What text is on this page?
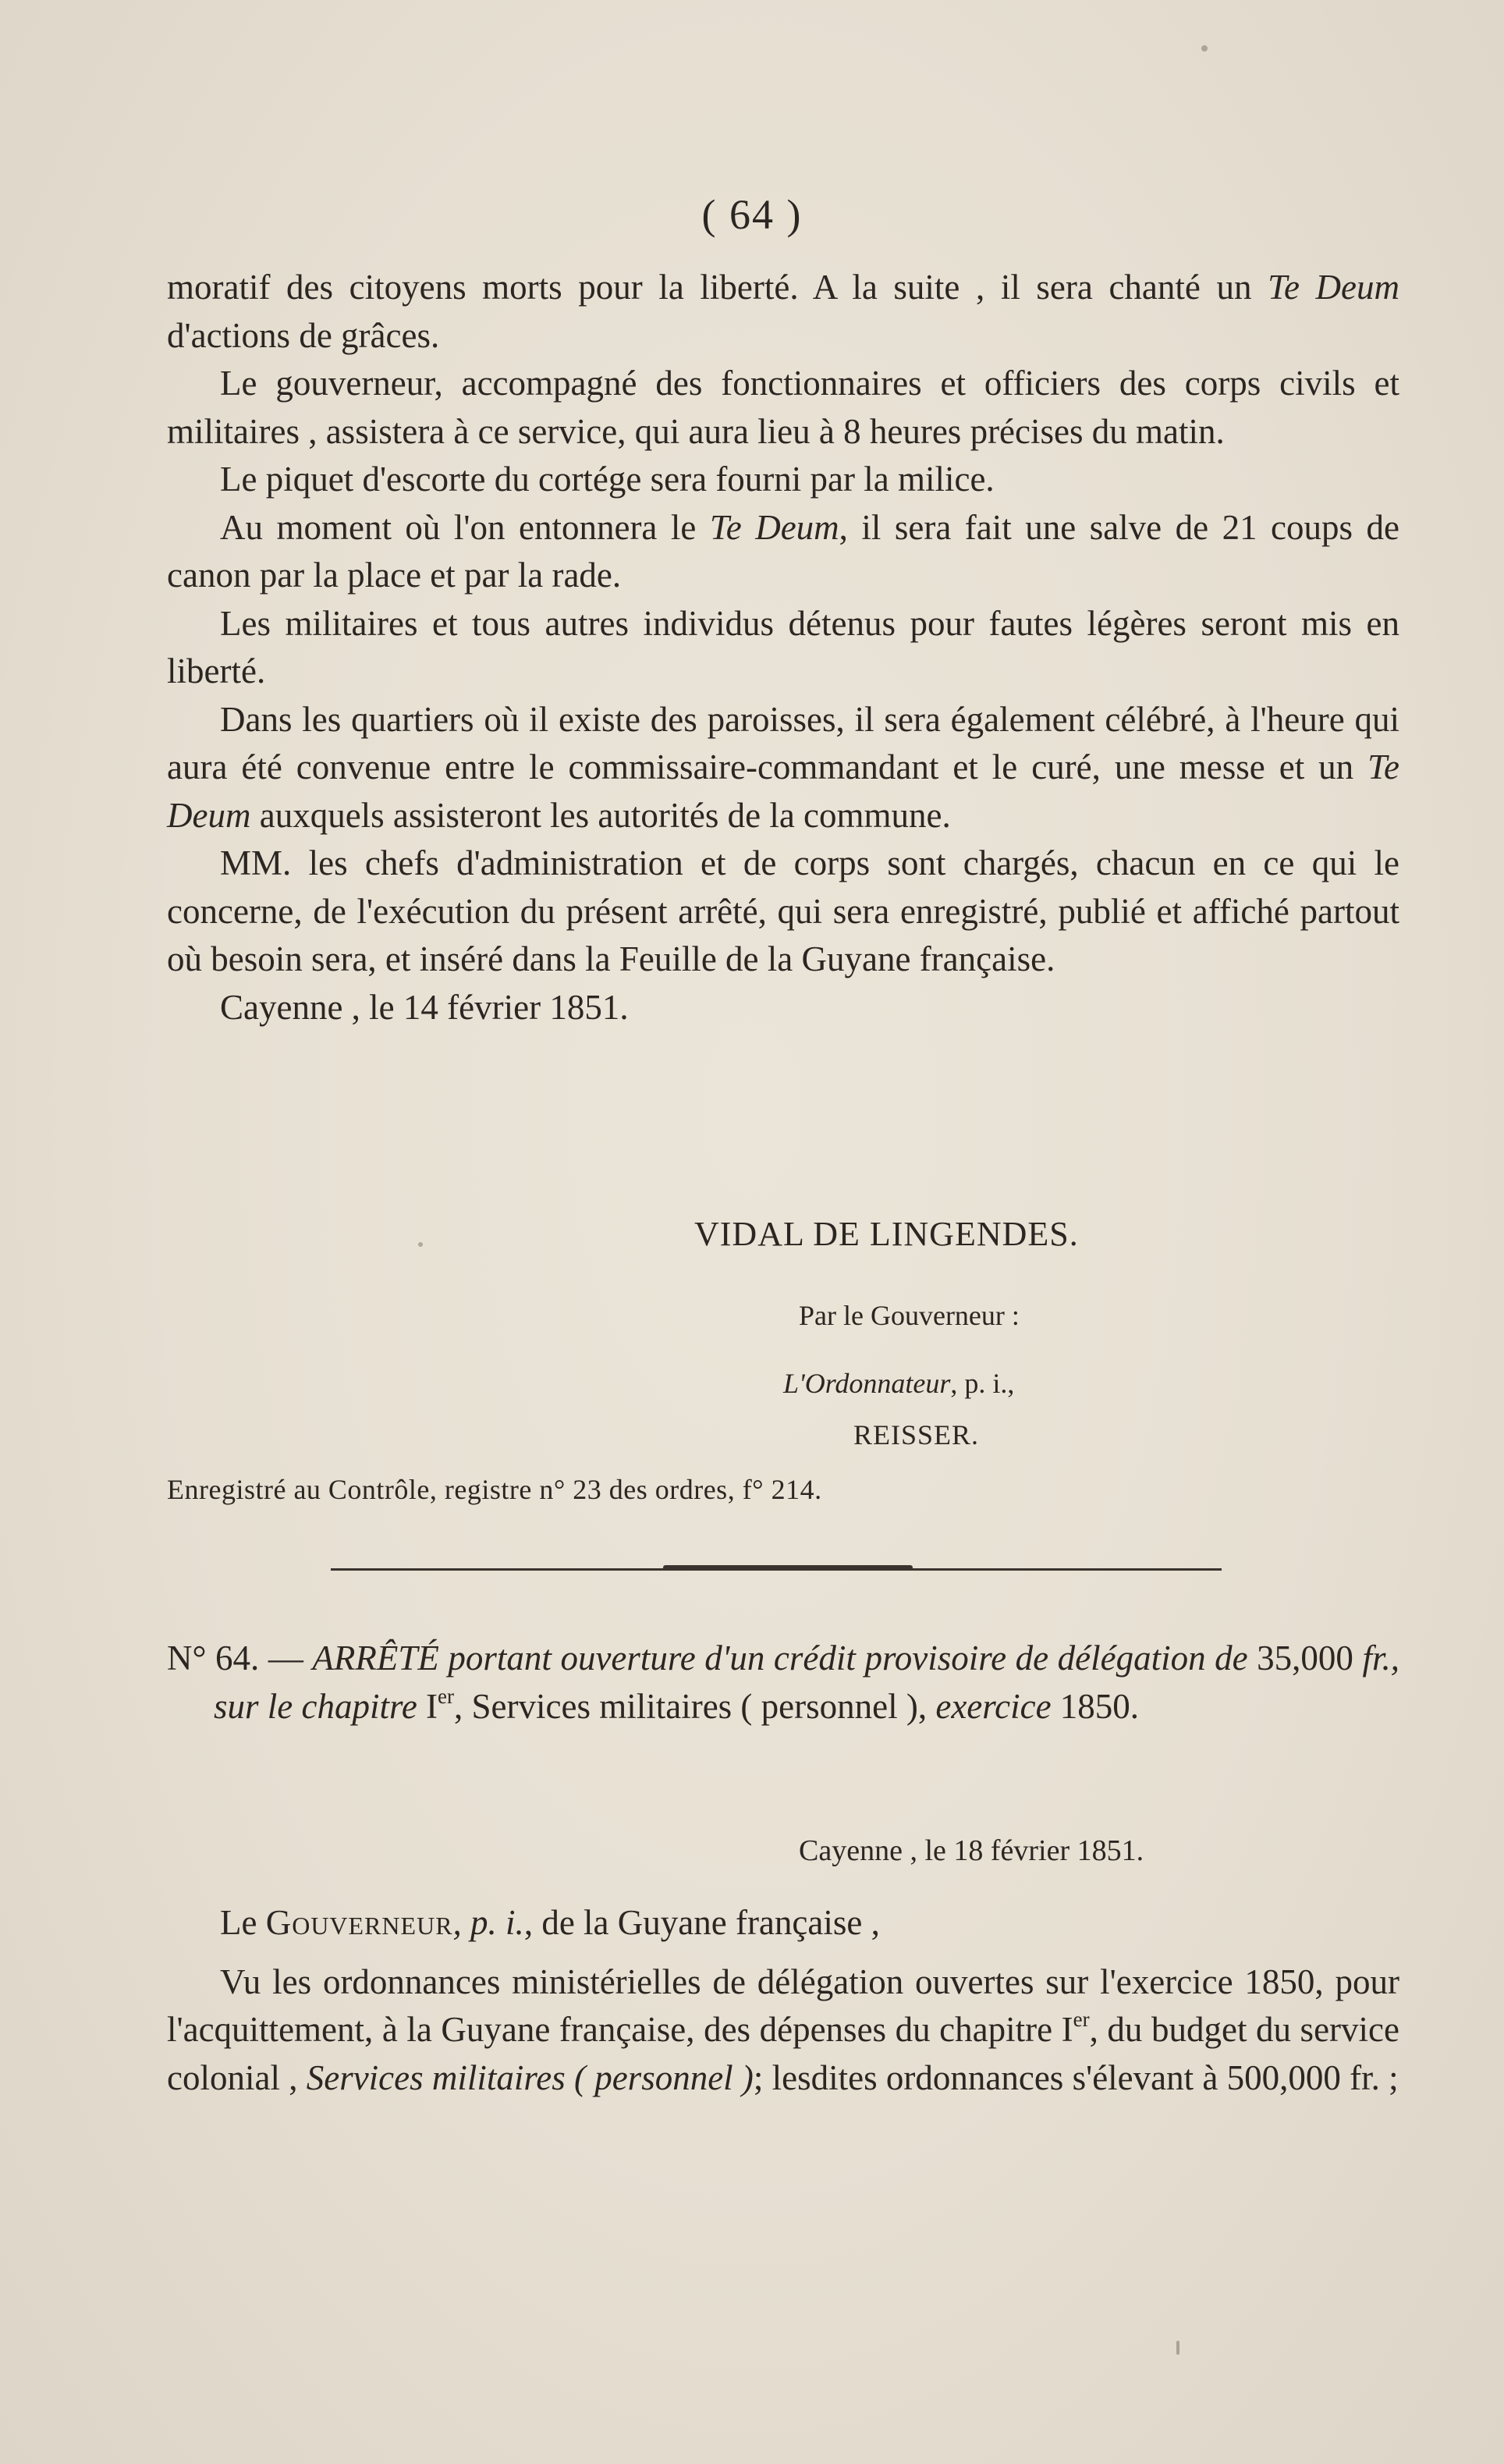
( 64 )

moratif des citoyens morts pour la liberté. A la suite , il sera chanté un Te Deum d'actions de grâces.

Le gouverneur, accompagné des fonctionnaires et officiers des corps civils et militaires , assistera à ce service, qui aura lieu à 8 heures précises du matin.

Le piquet d'escorte du cortége sera fourni par la milice.

Au moment où l'on entonnera le Te Deum, il sera fait une salve de 21 coups de canon par la place et par la rade.

Les militaires et tous autres individus détenus pour fautes légères seront mis en liberté.

Dans les quartiers où il existe des paroisses, il sera également célébré, à l'heure qui aura été convenue entre le commissaire-commandant et le curé, une messe et un Te Deum auxquels assisteront les autorités de la commune.

MM. les chefs d'administration et de corps sont chargés, chacun en ce qui le concerne, de l'exécution du présent arrêté, qui sera enregistré, publié et affiché partout où besoin sera, et inséré dans la Feuille de la Guyane française.

Cayenne , le 14 février 1851.

VIDAL DE LINGENDES.
Par le Gouverneur :
L'Ordonnateur, p. i.,
REISSER.
Enregistré au Contrôle, registre n° 23 des ordres, f° 214.

N° 64. — ARRÊTÉ portant ouverture d'un crédit provisoire de délégation de 35,000 fr., sur le chapitre Ier, Services militaires ( personnel ), exercice 1850.

Cayenne , le 18 février 1851.

Le Gouverneur, p. i., de la Guyane française ,

Vu les ordonnances ministérielles de délégation ouvertes sur l'exercice 1850, pour l'acquittement, à la Guyane française, des dépenses du chapitre Ier, du budget du service colonial , Services militaires ( personnel ); lesdites ordonnances s'élevant à 500,000 fr. ;
